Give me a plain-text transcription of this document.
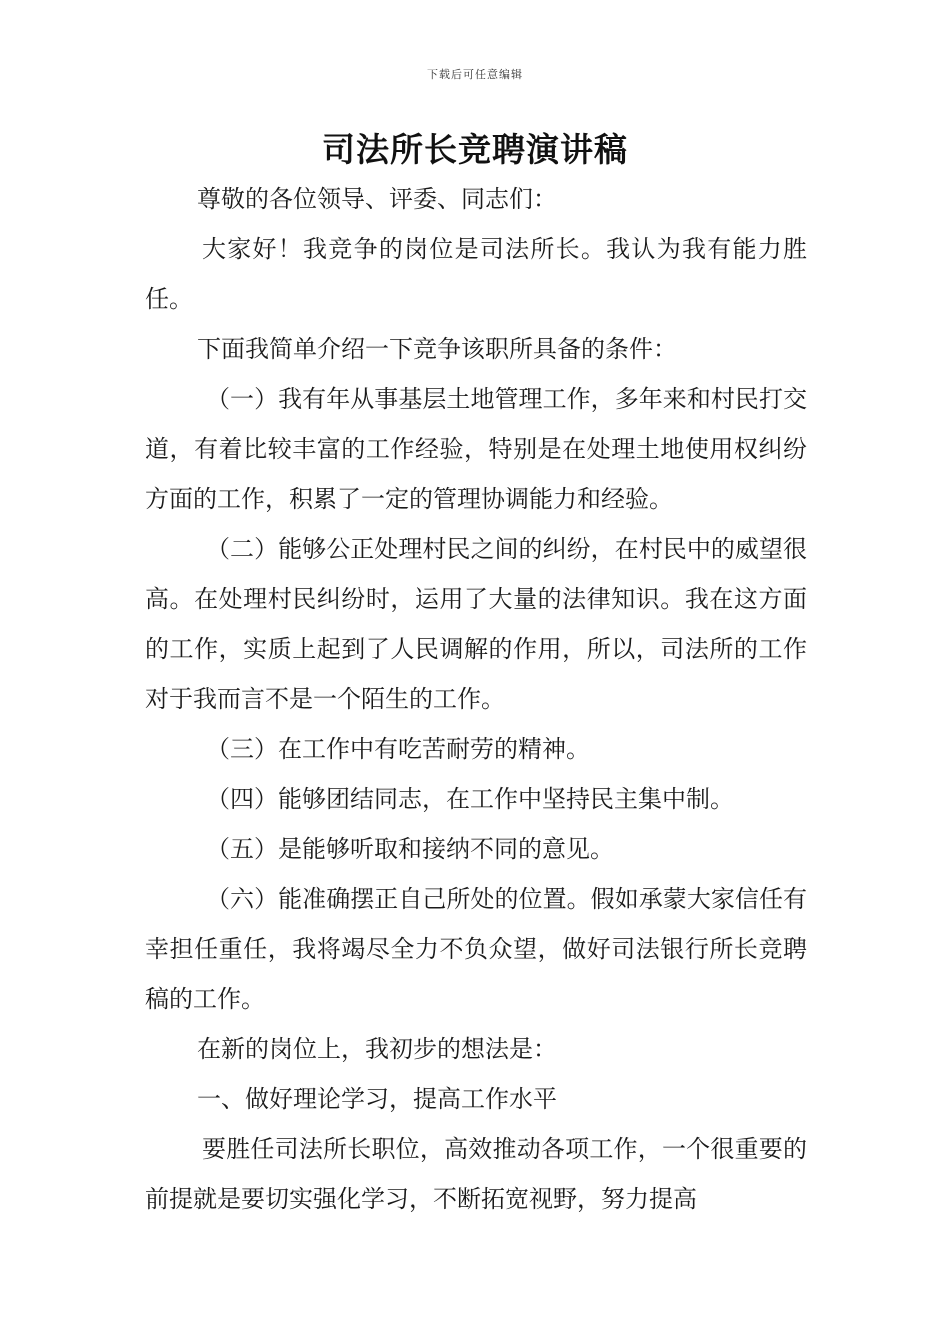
下载后可任意编辑
司法所长竞聘演讲稿

尊敬的各位领导、评委、同志们：

大家好！我竞争的岗位是司法所长。我认为我有能力胜任。

下面我简单介绍一下竞争该职所具备的条件：

（一）我有年从事基层土地管理工作，多年来和村民打交道，有着比较丰富的工作经验，特别是在处理土地使用权纠纷方面的工作，积累了一定的管理协调能力和经验。

（二）能够公正处理村民之间的纠纷，在村民中的威望很高。在处理村民纠纷时，运用了大量的法律知识。我在这方面的工作，实质上起到了人民调解的作用，所以，司法所的工作对于我而言不是一个陌生的工作。

（三）在工作中有吃苦耐劳的精神。

（四）能够团结同志，在工作中坚持民主集中制。

（五）是能够听取和接纳不同的意见。

（六）能准确摆正自己所处的位置。假如承蒙大家信任有幸担任重任，我将竭尽全力不负众望，做好司法银行所长竞聘稿的工作。

在新的岗位上，我初步的想法是：

一、做好理论学习，提高工作水平

要胜任司法所长职位，高效推动各项工作，一个很重要的前提就是要切实强化学习，不断拓宽视野，努力提高
